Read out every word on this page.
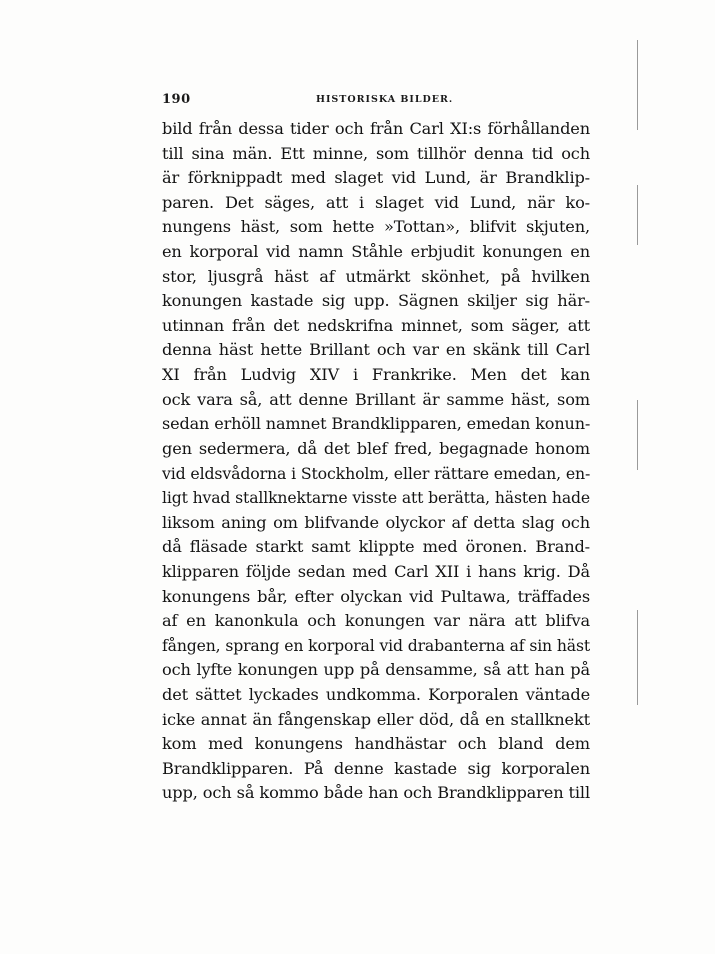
190	HISTORISKA BILDER.
bild från dessa tider och från Carl XI:s förhållanden
till sina män. Ett minne, som tillhör denna tid och
är förknippadt med slaget vid Lund, är Brandklip-
paren. Det säges, att i slaget vid Lund, när ko-
nungens häst, som hette »Tottan», blifvit skjuten,
en korporal vid namn Ståhle erbjudit konungen en
stor, ljusgrå häst af utmärkt skönhet, på hvilken
konungen kastade sig upp. Sägnen skiljer sig här-
utinnan från det nedskrifna minnet, som säger, att
denna häst hette Brillant och var en skänk till Carl
XI från Ludvig XIV i Frankrike. Men det kan
ock vara så, att denne Brillant är samme häst, som
sedan erhöll namnet Brandklipparen, emedan konun-
gen sedermera, då det blef fred, begagnade honom
vid eldsvådorna i Stockholm, eller rättare emedan, en-
ligt hvad stallknektarne visste att berätta, hästen hade
liksom aning om blifvande olyckor af detta slag och
då fläsade starkt samt klippte med öronen. Brand-
klipparen följde sedan med Carl XII i hans krig. Då
konungens bår, efter olyckan vid Pultawa, träffades
af en kanonkula och konungen var nära att blifva
fången, sprang en korporal vid drabanterna af sin häst
och lyfte konungen upp på densamme, så att han på
det sättet lyckades undkomma. Korporalen väntade
icke annat än fångenskap eller död, då en stallknekt
kom med konungens handhästar och bland dem
Brandklipparen. På denne kastade sig korporalen
upp, och så kommo både han och Brandklipparen till
